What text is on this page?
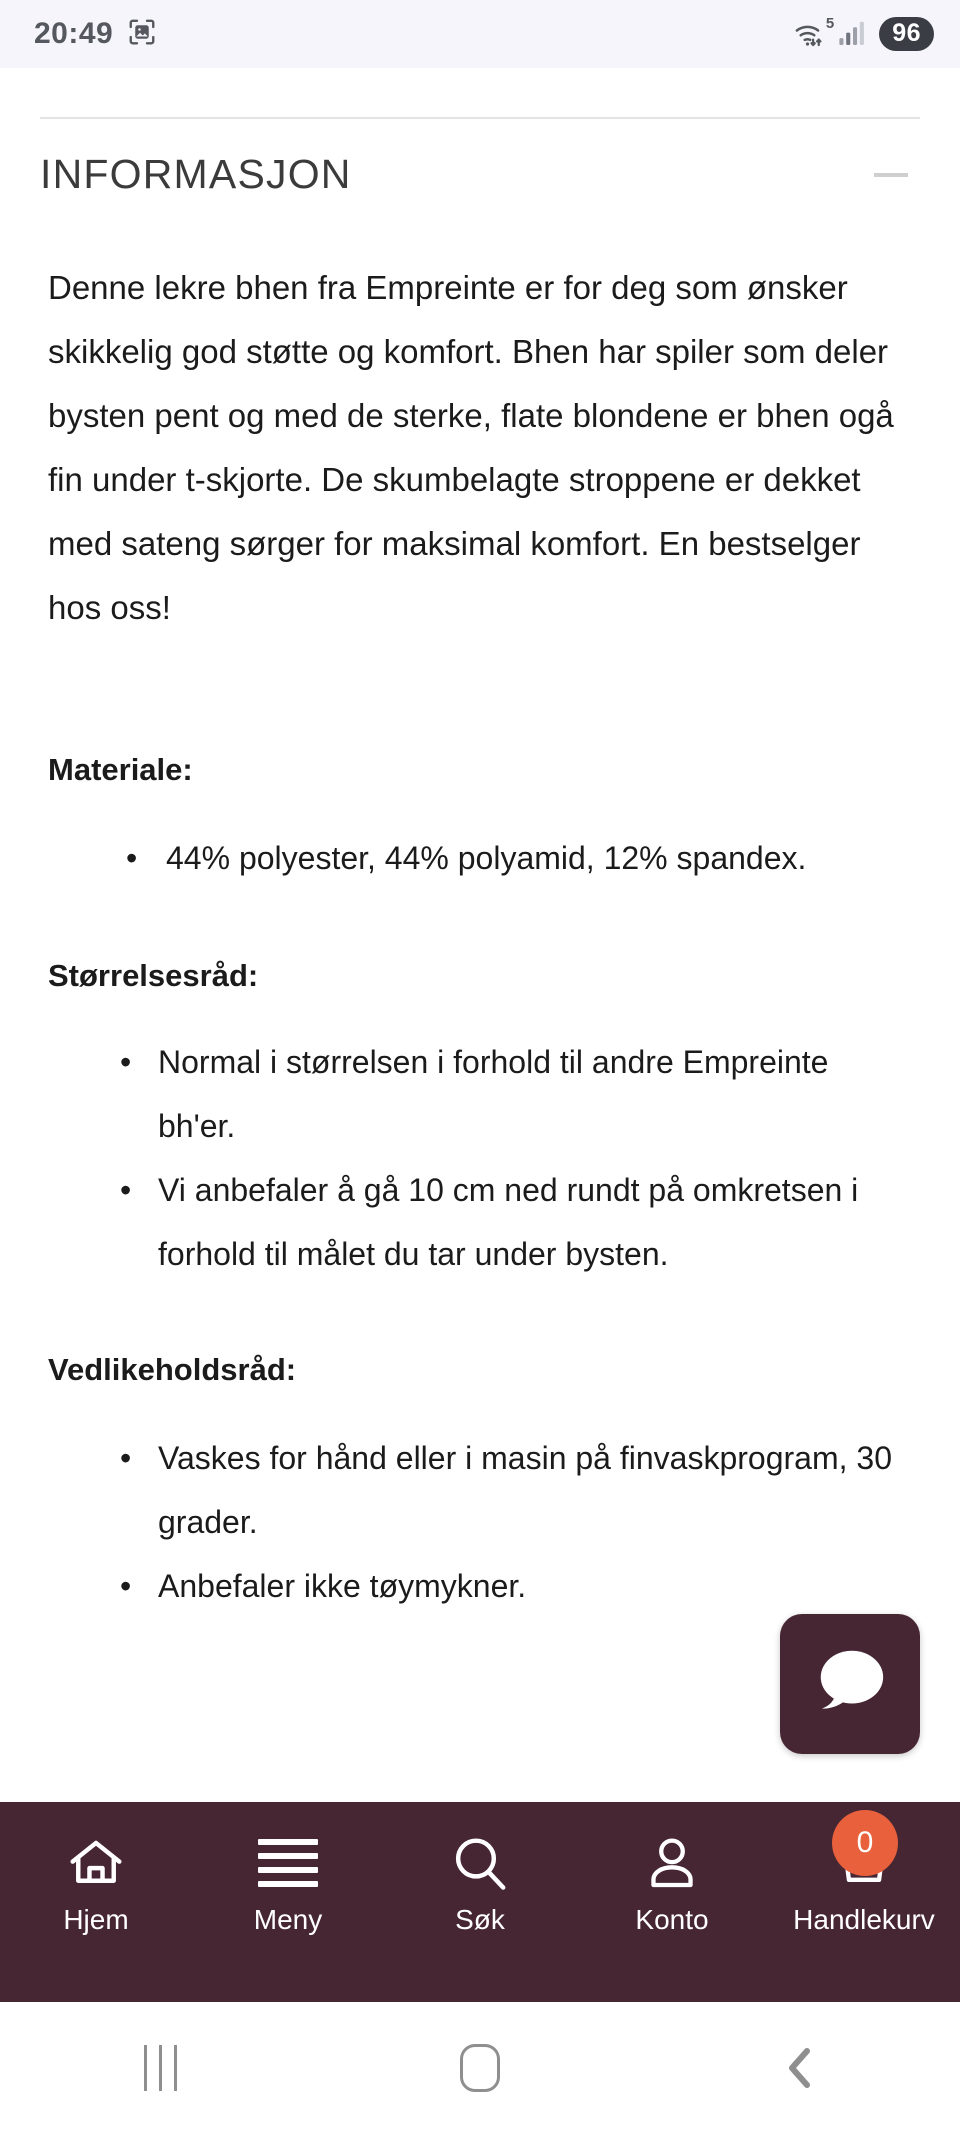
20:49	5	96
INFORMASJON

Denne lekre bhen fra Empreinte er for deg som ønsker skikkelig god støtte og komfort. Bhen har spiler som deler bysten pent og med de sterke, flate blondene er bhen ogå fin under t-skjorte. De skumbelagte stroppene er dekket med sateng sørger for maksimal komfort. En bestselger hos oss!

Materiale:
• 44% polyester, 44% polyamid, 12% spandex.
Størrelsesråd:
• Normal i størrelsen i forhold til andre Empreinte bh'er.
• Vi anbefaler å gå 10 cm ned rundt på omkretsen i forhold til målet du tar under bysten.
Vedlikeholdsråd:
• Vaskes for hånd eller i masin på finvaskprogram, 30 grader.
• Anbefaler ikke tøymykner.
Hjem	Meny	Søk	Konto
0
Handlekurv
